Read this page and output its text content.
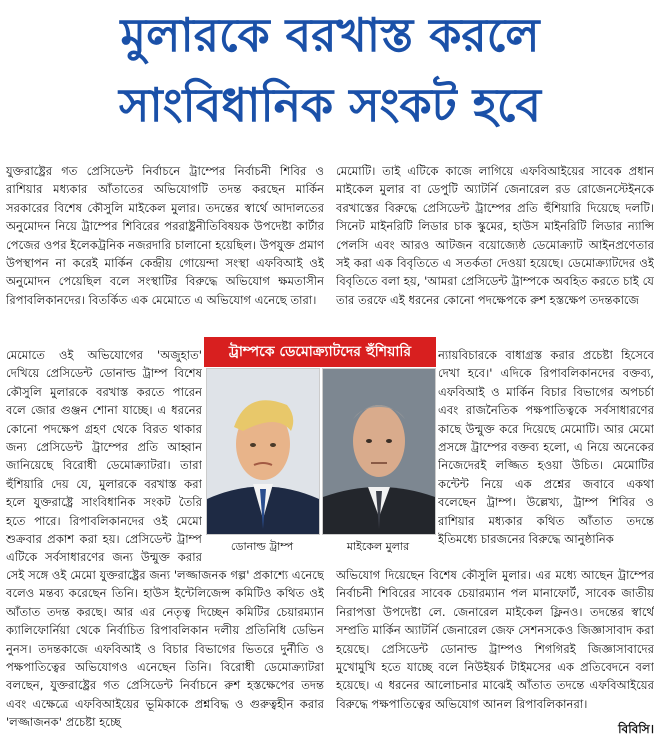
মুলারকে বরখাস্ত করলে
সাংবিধানিক সংকট হবে

যুক্তরাষ্ট্রের গত প্রেসিডেন্ট নির্বাচনে ট্রাম্পের নির্বাচনী শিবির ও রাশিয়ার মধ্যকার আঁতাতের অভিযোগটি তদন্ত করছেন মার্কিন সরকারের বিশেষ কৌসুলি মাইকেল মুলার। তদন্তের স্বার্থে আদালতের অনুমোদন নিয়ে ট্রাম্পের শিবিরের পররাষ্ট্রনীতিবিষয়ক উপদেষ্টা কার্টার পেজের ওপর ইলেকট্রনিক নজরদারি চালানো হয়েছিল। উপযুক্ত প্রমাণ উপস্থাপন না করেই মার্কিন কেন্দ্রীয় গোয়েন্দা সংস্থা এফবিআই ওই অনুমোদন পেয়েছিল বলে সংস্থাটির বিরুদ্ধে অভিযোগ ক্ষমতাসীন রিপাবলিকানদের। বিতর্কিত এক মেমোতে এ অভিযোগ এনেছে তারা।

মেমোটি। তাই এটিকে কাজে লাগিয়ে এফবিআইয়ের সাবেক প্রধান মাইকেল মুলার বা ডেপুটি অ্যাটর্নি জেনারেল রড রোজেনস্টেইনকে বরখাস্তের বিরুদ্ধে প্রেসিডেন্ট ট্রাম্পের প্রতি হুঁশিয়ারি দিয়েছে দলটি। সিনেট মাইনরিটি লিডার চাক স্কুমের, হাউস মাইনরিটি লিডার ন্যান্সি পেলসি এবং আরও আটজন বয়োজ্যেষ্ঠ ডেমোক্র্যাট আইনপ্রণেতার সই করা এক বিবৃতিতে এ সতর্কতা দেওয়া হয়েছে। ডেমোক্র্যাটদের ওই বিবৃতিতে বলা হয়, 'আমরা প্রেসিডেন্ট ট্রাম্পকে অবহিত করতে চাই যে তার তরফে এই ধরনের কোনো পদক্ষেপকে রুশ হস্তক্ষেপ তদন্তকাজে

মেমোতে ওই অভিযোগের 'অজুহাত' দেখিয়ে প্রেসিডেন্ট ডোনাল্ড ট্রাম্প বিশেষ কৌসুলি মুলারকে বরখাস্ত করতে পারেন বলে জোর গুঞ্জন শোনা যাচ্ছে। এ ধরনের কোনো পদক্ষেপ গ্রহণ থেকে বিরত থাকার জন্য প্রেসিডেন্ট ট্রাম্পের প্রতি আহ্বান জানিয়েছে বিরোধী ডেমোক্র্যাটরা। তারা হুঁশিয়ারি দেয় যে, মুলারকে বরখাস্ত করা হলে যুক্তরাষ্ট্রে সাংবিধানিক সংকট তৈরি হতে পারে। রিপাবলিকানদের ওই মেমো শুক্রবার প্রকাশ করা হয়। প্রেসিডেন্ট ট্রাম্প এটিকে সর্বসাধারণের জন্য উন্মুক্ত করার

ন্যায়বিচারকে বাধাগ্রস্ত করার প্রচেষ্টা হিসেবে দেখা হবে।' এদিকে রিপাবলিকানদের বক্তব্য, এফবিআই ও মার্কিন বিচার বিভাগের অপচর্চা এবং রাজনৈতিক পক্ষপাতিত্বকে সর্বসাধারণের কাছে উন্মুক্ত করে দিয়েছে মেমোটি। আর মেমো প্রসঙ্গে ট্রাম্পের বক্তব্য হলো, এ নিয়ে অনেকের নিজেদেরই লজ্জিত হওয়া উচিত। মেমোটির কন্টেন্ট নিয়ে এক প্রশ্নের জবাবে একথা বলেছেন ট্রাম্প। উল্লেখ্য, ট্রাম্প শিবির ও রাশিয়ার মধ্যকার কথিত আঁতাত তদন্তে ইতিমধ্যে চারজনের বিরুদ্ধে আনুষ্ঠানিক

ট্রাম্পকে ডেমোক্র্যাটদের হুঁশিয়ারি
ডোনাল্ড ট্রাম্প	মাইকেল মুলার

সেই সঙ্গে ওই মেমো যুক্তরাষ্ট্রের জন্য 'লজ্জাজনক গল্প' প্রকাশ্যে এনেছে বলেও মন্তব্য করেছেন তিনি। হাউস ইন্টেলিজেন্স কমিটিও কথিত ওই আঁতাত তদন্ত করছে। আর এর নেতৃত্ব দিচ্ছেন কমিটির চেয়ারম্যান ক্যালিফোর্নিয়া থেকে নির্বাচিত রিপাবলিকান দলীয় প্রতিনিধি ডেভিন নুনস। তদন্তকাজে এফবিআই ও বিচার বিভাগের ভিতরে দুর্নীতি ও পক্ষপাতিত্বের অভিযোগও এনেছেন তিনি। বিরোধী ডেমোক্র্যাটরা বলছেন, যুক্তরাষ্ট্রের গত প্রেসিডেন্ট নির্বাচনে রুশ হস্তক্ষেপের তদন্ত এবং এক্ষেত্রে এফবিআইয়ের ভূমিকাকে প্রশ্নবিদ্ধ ও গুরুত্বহীন করার 'লজ্জাজনক' প্রচেষ্টা হচ্ছে

অভিযোগ দিয়েছেন বিশেষ কৌসুলি মুলার। এর মধ্যে আছেন ট্রাম্পের নির্বাচনী শিবিরের সাবেক চেয়ারম্যান পল মানাফোর্ট, সাবেক জাতীয় নিরাপত্তা উপদেষ্টা লে. জেনারেল মাইকেল ফ্লিনও। তদন্তের স্বার্থে সম্প্রতি মার্কিন অ্যাটর্নি জেনারেল জেফ সেশনসকেও জিজ্ঞাসাবাদ করা হয়েছে। প্রেসিডেন্ট ডোনাল্ড ট্রাম্পও শিগগিরই জিজ্ঞাসাবাদের মুখোমুখি হতে যাচ্ছে বলে নিউইয়র্ক টাইমসের এক প্রতিবেদনে বলা হয়েছে। এ ধরনের আলোচনার মাঝেই আঁতাত তদন্তে এফবিআইয়ের বিরুদ্ধে পক্ষপাতিত্বের অভিযোগ আনল রিপাবলিকানরা।

বিবিসি।
